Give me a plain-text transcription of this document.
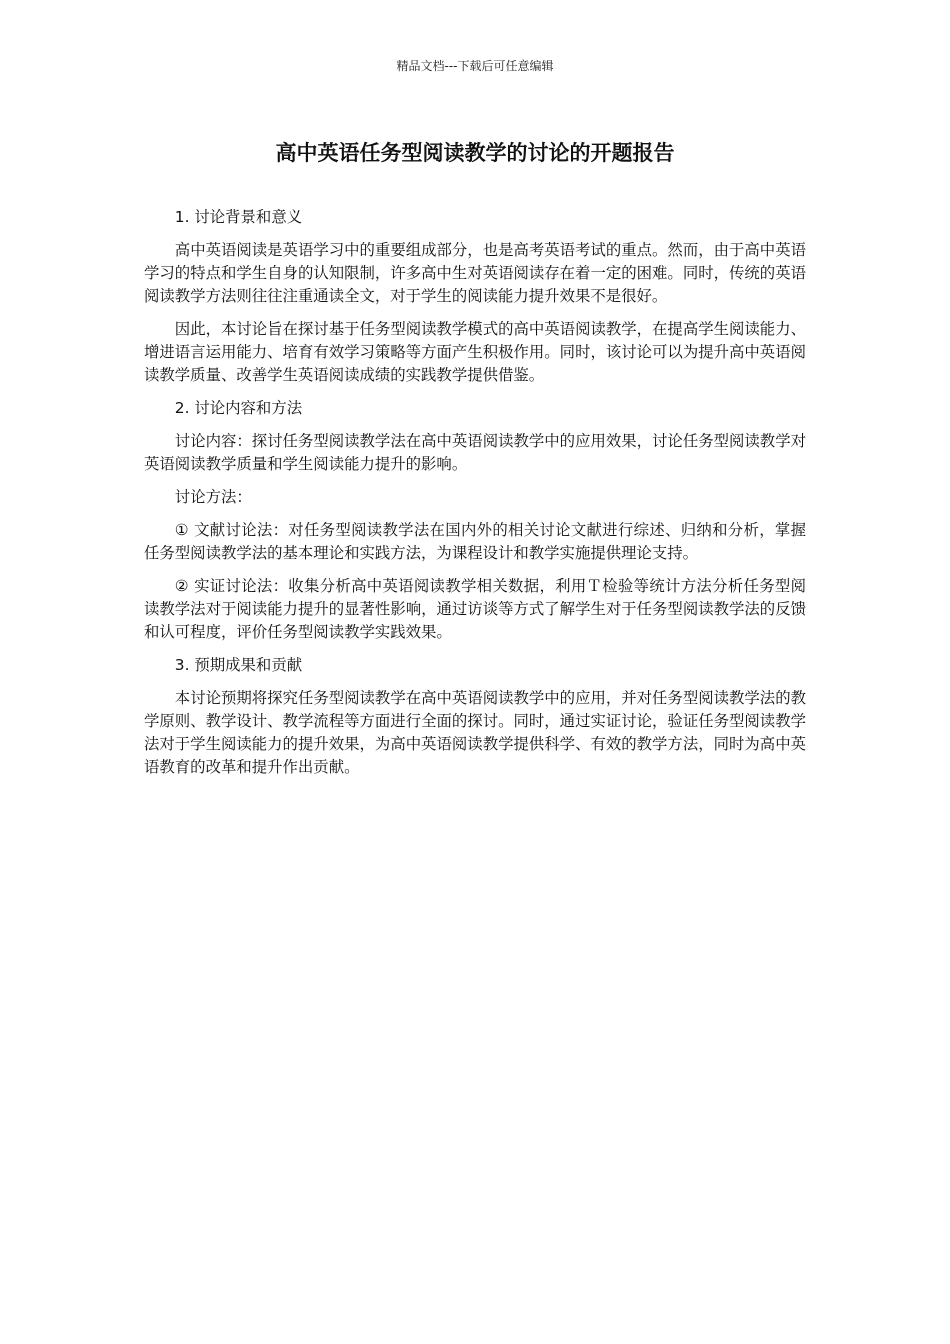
精品文档---下载后可任意编辑
高中英语任务型阅读教学的讨论的开题报告

1. 讨论背景和意义

高中英语阅读是英语学习中的重要组成部分，也是高考英语考试的重点。然而，由于高中英语学习的特点和学生自身的认知限制，许多高中生对英语阅读存在着一定的困难。同时，传统的英语阅读教学方法则往往注重通读全文，对于学生的阅读能力提升效果不是很好。

因此，本讨论旨在探讨基于任务型阅读教学模式的高中英语阅读教学，在提高学生阅读能力、增进语言运用能力、培育有效学习策略等方面产生积极作用。同时，该讨论可以为提升高中英语阅读教学质量、改善学生英语阅读成绩的实践教学提供借鉴。

2. 讨论内容和方法

讨论内容：探讨任务型阅读教学法在高中英语阅读教学中的应用效果，讨论任务型阅读教学对英语阅读教学质量和学生阅读能力提升的影响。

讨论方法：

① 文献讨论法：对任务型阅读教学法在国内外的相关讨论文献进行综述、归纳和分析，掌握任务型阅读教学法的基本理论和实践方法，为课程设计和教学实施提供理论支持。

② 实证讨论法：收集分析高中英语阅读教学相关数据，利用Ｔ检验等统计方法分析任务型阅读教学法对于阅读能力提升的显著性影响，通过访谈等方式了解学生对于任务型阅读教学法的反馈和认可程度，评价任务型阅读教学实践效果。

3. 预期成果和贡献

本讨论预期将探究任务型阅读教学在高中英语阅读教学中的应用，并对任务型阅读教学法的教学原则、教学设计、教学流程等方面进行全面的探讨。同时，通过实证讨论，验证任务型阅读教学法对于学生阅读能力的提升效果，为高中英语阅读教学提供科学、有效的教学方法，同时为高中英语教育的改革和提升作出贡献。
